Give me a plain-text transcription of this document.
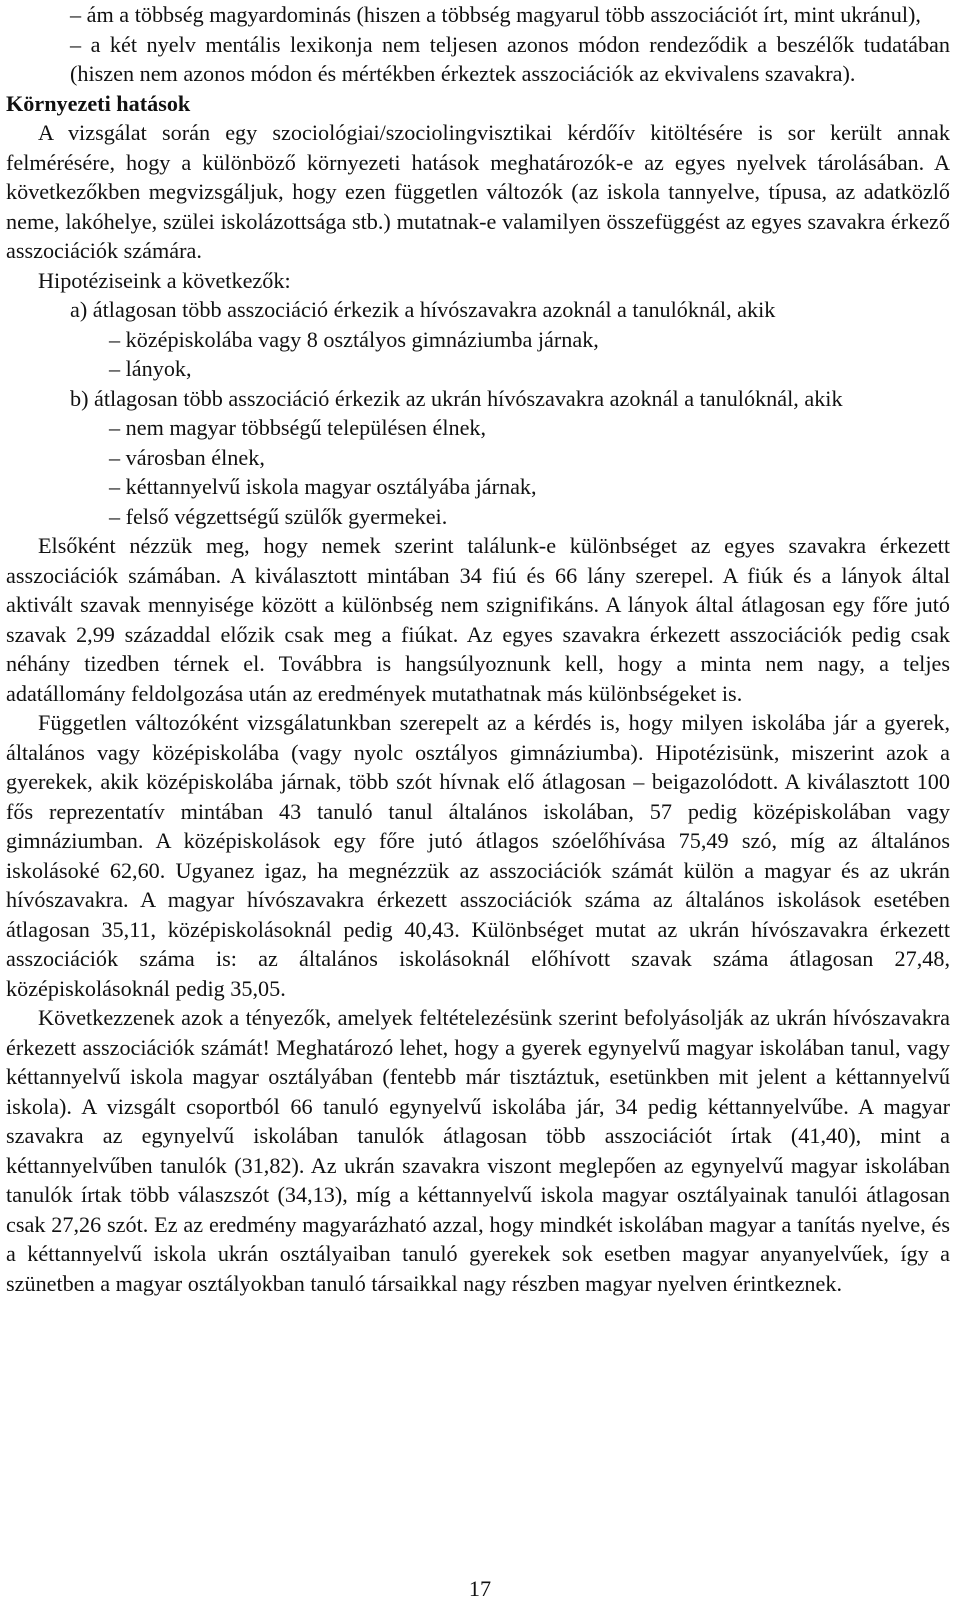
– ám a többség magyardominás (hiszen a többség magyarul több asszociációt írt, mint ukránul),

– a két nyelv mentális lexikonja nem teljesen azonos módon rendeződik a beszélők tudatában (hiszen nem azonos módon és mértékben érkeztek asszociációk az ekvivalens szavakra).

Környezeti hatások

A vizsgálat során egy szociológiai/szociolingvisztikai kérdőív kitöltésére is sor került annak felmérésére, hogy a különböző környezeti hatások meghatározók-e az egyes nyelvek tárolásában. A következőkben megvizsgáljuk, hogy ezen független változók (az iskola tannyelve, típusa, az adatközlő neme, lakóhelye, szülei iskolázottsága stb.) mutatnak-e valamilyen összefüggést az egyes szavakra érkező asszociációk számára.

Hipotéziseink a következők:

a) átlagosan több asszociáció érkezik a hívószavakra azoknál a tanulóknál, akik

– középiskolába vagy 8 osztályos gimnáziumba járnak,

– lányok,

b) átlagosan több asszociáció érkezik az ukrán hívószavakra azoknál a tanulóknál, akik

– nem magyar többségű településen élnek,

– városban élnek,

– kéttannyelvű iskola magyar osztályába járnak,

– felső végzettségű szülők gyermekei.

Elsőként nézzük meg, hogy nemek szerint találunk-e különbséget az egyes szavakra érkezett asszociációk számában. A kiválasztott mintában 34 fiú és 66 lány szerepel. A fiúk és a lányok által aktivált szavak mennyisége között a különbség nem szignifikáns. A lányok által átlagosan egy főre jutó szavak 2,99 századdal előzik csak meg a fiúkat. Az egyes szavakra érkezett asszociációk pedig csak néhány tizedben térnek el. Továbbra is hangsúlyoznunk kell, hogy a minta nem nagy, a teljes adatállomány feldolgozása után az eredmények mutathatnak más különbségeket is.

Független változóként vizsgálatunkban szerepelt az a kérdés is, hogy milyen iskolába jár a gyerek, általános vagy középiskolába (vagy nyolc osztályos gimnáziumba). Hipotézisünk, miszerint azok a gyerekek, akik középiskolába járnak, több szót hívnak elő átlagosan – beigazolódott. A kiválasztott 100 fős reprezentatív mintában 43 tanuló tanul általános iskolában, 57 pedig középiskolában vagy gimnáziumban. A középiskolások egy főre jutó átlagos szóelőhívása 75,49 szó, míg az általános iskolásoké 62,60. Ugyanez igaz, ha megnézzük az asszociációk számát külön a magyar és az ukrán hívószavakra. A magyar hívószavakra érkezett asszociációk száma az általános iskolások esetében átlagosan 35,11, középiskolásoknál pedig 40,43. Különbséget mutat az ukrán hívószavakra érkezett asszociációk száma is: az általános iskolásoknál előhívott szavak száma átlagosan 27,48, középiskolásoknál pedig 35,05.

Következzenek azok a tényezők, amelyek feltételezésünk szerint befolyásolják az ukrán hívószavakra érkezett asszociációk számát! Meghatározó lehet, hogy a gyerek egynyelvű magyar iskolában tanul, vagy kéttannyelvű iskola magyar osztályában (fentebb már tisztáztuk, esetünkben mit jelent a kéttannyelvű iskola). A vizsgált csoportból 66 tanuló egynyelvű iskolába jár, 34 pedig kéttannyelvűbe. A magyar szavakra az egynyelvű iskolában tanulók átlagosan több asszociációt írtak (41,40), mint a kéttannyelvűben tanulók (31,82). Az ukrán szavakra viszont meglepően az egynyelvű magyar iskolában tanulók írtak több válaszszót (34,13), míg a kéttannyelvű iskola magyar osztályainak tanulói átlagosan csak 27,26 szót. Ez az eredmény magyarázható azzal, hogy mindkét iskolában magyar a tanítás nyelve, és a kéttannyelvű iskola ukrán osztályaiban tanuló gyerekek sok esetben magyar anyanyelvűek, így a szünetben a magyar osztályokban tanuló társaikkal nagy részben magyar nyelven érintkeznek.

17
